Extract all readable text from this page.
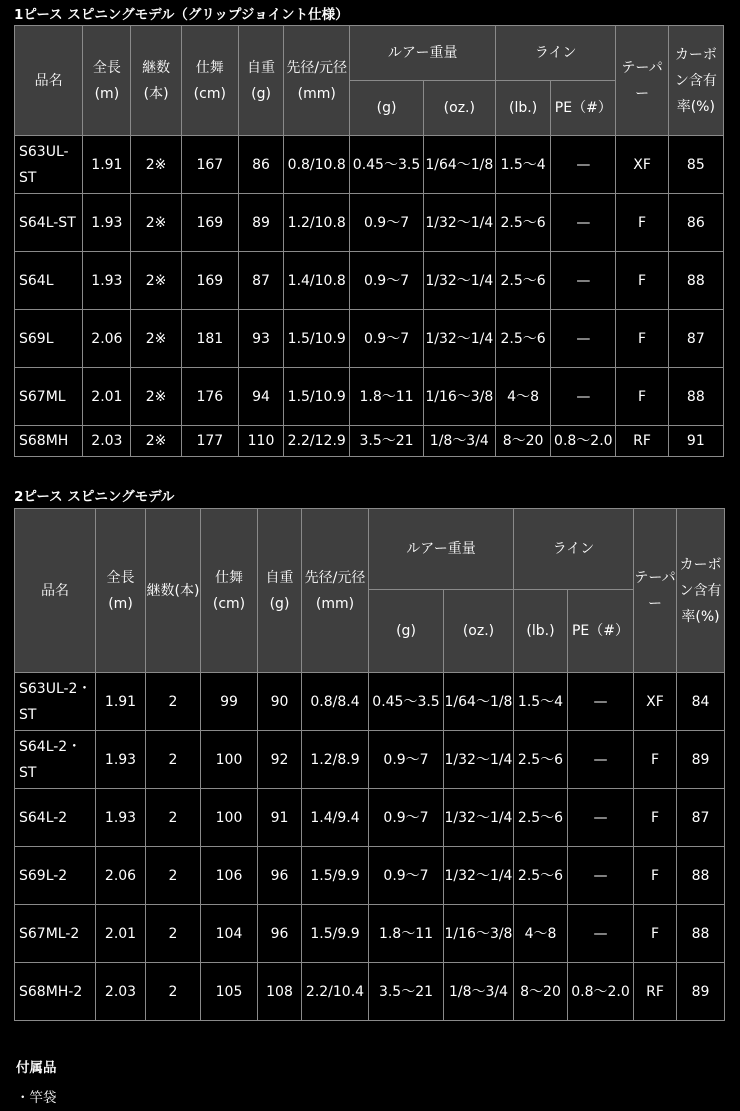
1ピース スピニングモデル（グリップジョイント仕様）
品名	全長(m)	継数(本)	仕舞(cm)	自重(g)	先径/元径(mm)	ルアー重量		ライン		テーパー	カーボン含有率(%)
						(g)	(oz.)	(lb.)	PE（#）		
S63UL-ST	1.91	2※	167	86	0.8/10.8	0.45～3.5	1/64～1/8	1.5～4	—	XF	85
S64L-ST	1.93	2※	169	89	1.2/10.8	0.9～7	1/32～1/4	2.5～6	—	F	86
S64L	1.93	2※	169	87	1.4/10.8	0.9～7	1/32～1/4	2.5～6	—	F	88
S69L	2.06	2※	181	93	1.5/10.9	0.9～7	1/32～1/4	2.5～6	—	F	87
S67ML	2.01	2※	176	94	1.5/10.9	1.8～11	1/16～3/8	4～8	—	F	88
S68MH	2.03	2※	177	110	2.2/12.9	3.5～21	1/8～3/4	8～20	0.8～2.0	RF	91
2ピース スピニングモデル
品名	全長(m)	継数(本)	仕舞(cm)	自重(g)	先径/元径(mm)	ルアー重量		ライン		テーパー	カーボン含有率(%)
						(g)	(oz.)	(lb.)	PE（#）		
S63UL-2・ST	1.91	2	99	90	0.8/8.4	0.45～3.5	1/64～1/8	1.5～4	—	XF	84
S64L-2・ST	1.93	2	100	92	1.2/8.9	0.9～7	1/32～1/4	2.5～6	—	F	89
S64L-2	1.93	2	100	91	1.4/9.4	0.9～7	1/32～1/4	2.5～6	—	F	87
S69L-2	2.06	2	106	96	1.5/9.9	0.9～7	1/32～1/4	2.5～6	—	F	88
S67ML-2	2.01	2	104	96	1.5/9.9	1.8～11	1/16～3/8	4～8	—	F	88
S68MH-2	2.03	2	105	108	2.2/10.4	3.5～21	1/8～3/4	8～20	0.8～2.0	RF	89
付属品
・竿袋
